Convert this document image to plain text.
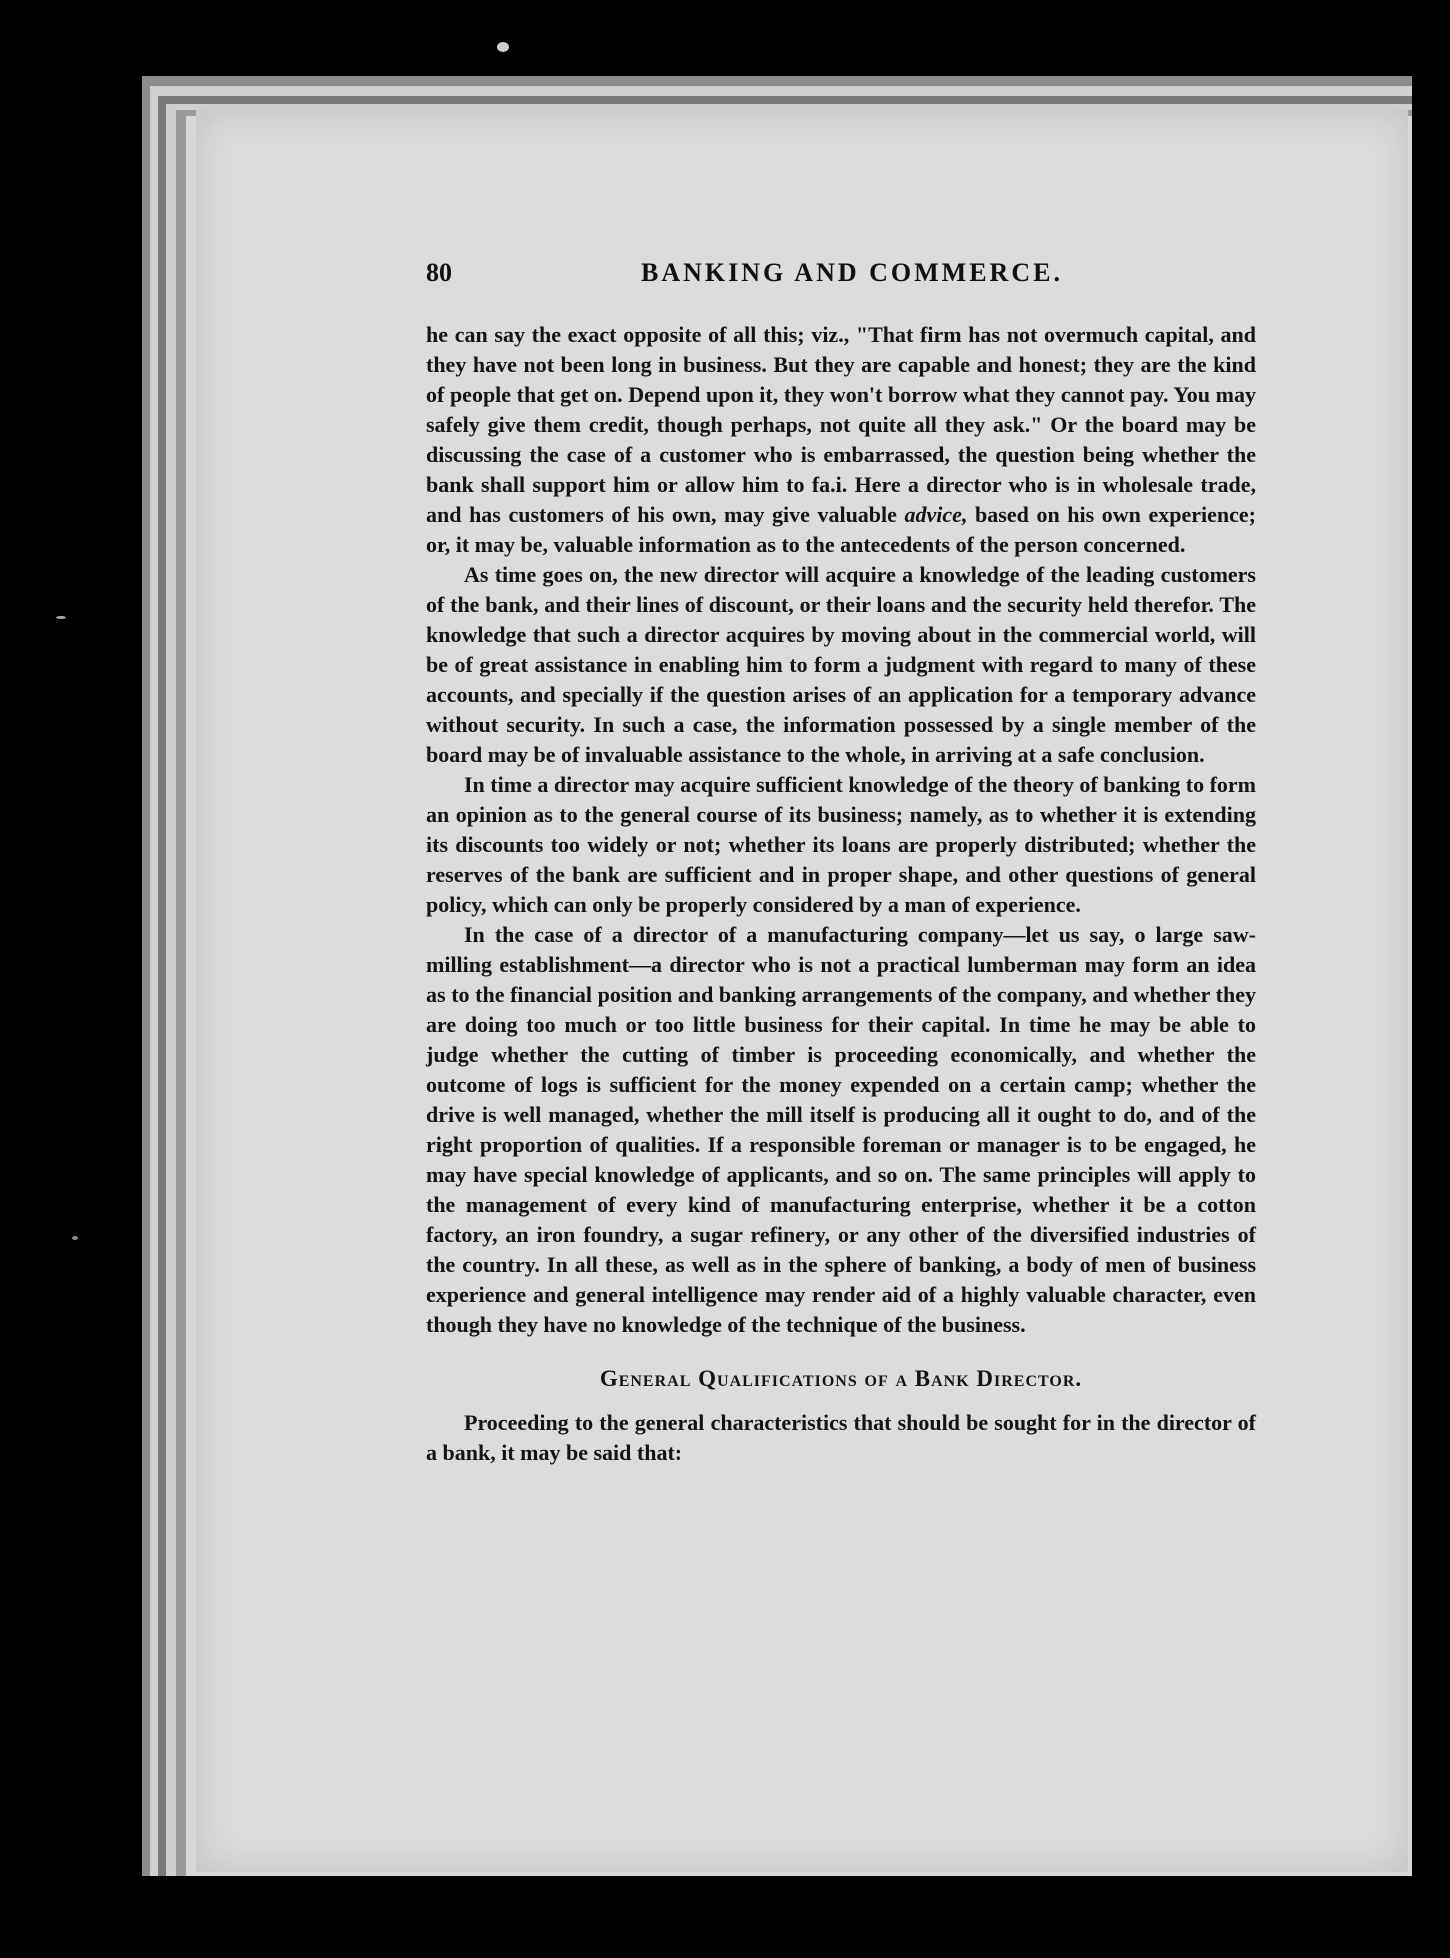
80	BANKING AND COMMERCE.

he can say the exact opposite of all this; viz., "That firm has not overmuch capital, and they have not been long in business. But they are capable and honest; they are the kind of people that get on. Depend upon it, they won't borrow what they cannot pay. You may safely give them credit, though perhaps, not quite all they ask." Or the board may be discussing the case of a customer who is embarrassed, the question being whether the bank shall support him or allow him to fa.i. Here a director who is in wholesale trade, and has customers of his own, may give valuable advice, based on his own experience; or, it may be, valuable information as to the antecedents of the person concerned.

As time goes on, the new director will acquire a knowledge of the leading customers of the bank, and their lines of discount, or their loans and the security held therefor. The knowledge that such a director acquires by moving about in the commercial world, will be of great assistance in enabling him to form a judgment with regard to many of these accounts, and specially if the question arises of an application for a temporary advance without security. In such a case, the information possessed by a single member of the board may be of invaluable assistance to the whole, in arriving at a safe conclusion.

In time a director may acquire sufficient knowledge of the theory of banking to form an opinion as to the general course of its business; namely, as to whether it is extending its discounts too widely or not; whether its loans are properly distributed; whether the reserves of the bank are sufficient and in proper shape, and other questions of general policy, which can only be properly considered by a man of experience.

In the case of a director of a manufacturing company—let us say, o large saw-milling establishment—a director who is not a practical lumberman may form an idea as to the financial position and banking arrangements of the company, and whether they are doing too much or too little business for their capital. In time he may be able to judge whether the cutting of timber is proceeding economically, and whether the outcome of logs is sufficient for the money expended on a certain camp; whether the drive is well managed, whether the mill itself is producing all it ought to do, and of the right proportion of qualities. If a responsible foreman or manager is to be engaged, he may have special knowledge of applicants, and so on. The same principles will apply to the management of every kind of manufacturing enterprise, whether it be a cotton factory, an iron foundry, a sugar refinery, or any other of the diversified industries of the country. In all these, as well as in the sphere of banking, a body of men of business experience and general intelligence may render aid of a highly valuable character, even though they have no knowledge of the technique of the business.

General Qualifications of a Bank Director.

Proceeding to the general characteristics that should be sought for in the director of a bank, it may be said that:
